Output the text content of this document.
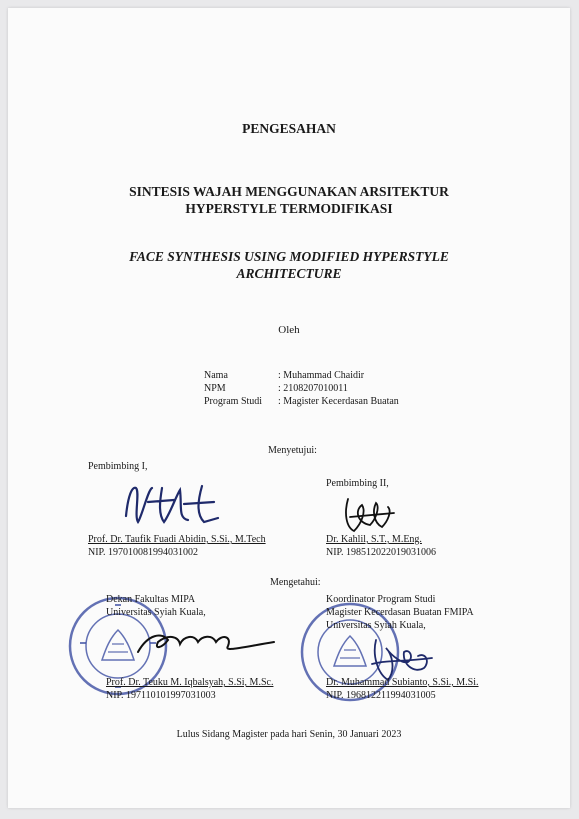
PENGESAHAN
SINTESIS WAJAH MENGGUNAKAN ARSITEKTUR
HYPERSTYLE TERMODIFIKASI
FACE SYNTHESIS USING MODIFIED HYPERSTYLE
ARCHITECTURE
Oleh
Nama	: Muhammad Chaidir
NPM	: 2108207010011
Program Studi : Magister Kecerdasan Buatan
Menyetujui:
Pembimbing I,
Prof. Dr. Taufik Fuadi Abidin, S.Si., M.Tech
NIP. 197010081994031002
Pembimbing II,
Dr. Kahlil, S.T., M.Eng.
NIP. 198512022019031006
Mengetahui:
Dekan Fakultas MIPA
Universitas Syiah Kuala,
Prof. Dr. Teuku M. Iqbalsyah, S.Si, M.Sc.
NIP. 197110101997031003
Koordinator Program Studi
Magister Kecerdasan Buatan FMIPA
Universitas Syiah Kuala,
Dr. Muhammad Subianto, S.Si., M.Si.
NIP. 196812211994031005
Lulus Sidang Magister pada hari Senin, 30 Januari 2023
